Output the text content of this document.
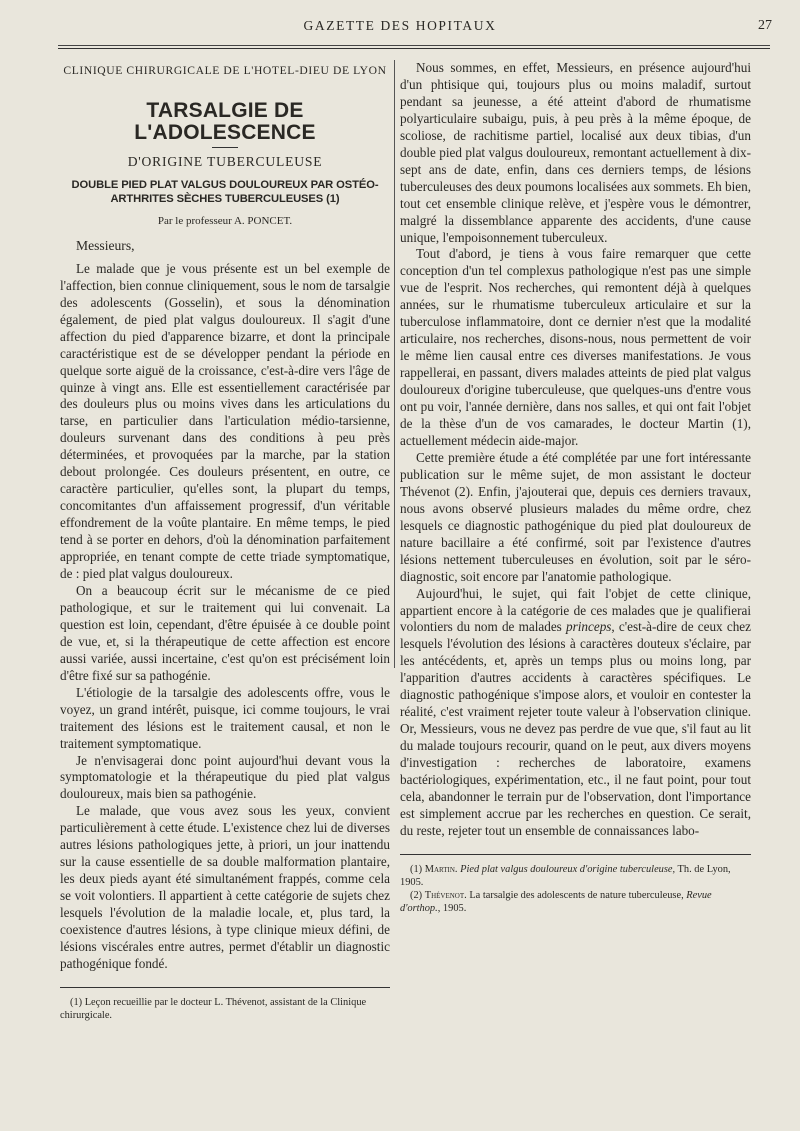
GAZETTE DES HOPITAUX	27
CLINIQUE CHIRURGICALE DE L'HOTEL-DIEU DE LYON
TARSALGIE DE L'ADOLESCENCE
D'ORIGINE TUBERCULEUSE
DOUBLE PIED PLAT VALGUS DOULOUREUX PAR OSTÉO-ARTHRITES SÈCHES TUBERCULEUSES (1)
Par le professeur A. PONCET.

Messieurs,

Le malade que je vous présente est un bel exemple de l'affection, bien connue cliniquement, sous le nom de tarsalgie des adolescents (Gosselin), et sous la dénomination également, de pied plat valgus douloureux. Il s'agit d'une affection du pied d'apparence bizarre, et dont la principale caractéristique est de se développer pendant la période en quelque sorte aiguë de la croissance, c'est-à-dire vers l'âge de quinze à vingt ans. Elle est essentiellement caractérisée par des douleurs plus ou moins vives dans les articulations du tarse, en particulier dans l'articulation médio-tarsienne, douleurs survenant dans des conditions à peu près déterminées, et provoquées par la marche, par la station debout prolongée. Ces douleurs présentent, en outre, ce caractère particulier, qu'elles sont, la plupart du temps, concomitantes d'un affaissement progressif, d'un véritable effondrement de la voûte plantaire. En même temps, le pied tend à se porter en dehors, d'où la dénomination parfaitement appropriée, en tenant compte de cette triade symptomatique, de : pied plat valgus douloureux.

On a beaucoup écrit sur le mécanisme de ce pied pathologique, et sur le traitement qui lui convenait. La question est loin, cependant, d'être épuisée à ce double point de vue, et, si la thérapeutique de cette affection est encore aussi variée, aussi incertaine, c'est qu'on est précisément loin d'être fixé sur sa pathogénie.

L'étiologie de la tarsalgie des adolescents offre, vous le voyez, un grand intérêt, puisque, ici comme toujours, le vrai traitement des lésions est le traitement causal, et non le traitement symptomatique.

Je n'envisagerai donc point aujourd'hui devant vous la symptomatologie et la thérapeutique du pied plat valgus douloureux, mais bien sa pathogénie.

Le malade, que vous avez sous les yeux, convient particulièrement à cette étude. L'existence chez lui de diverses autres lésions pathologiques jette, à priori, un jour inattendu sur la cause essentielle de sa double malformation plantaire, les deux pieds ayant été simultanément frappés, comme cela se voit volontiers. Il appartient à cette catégorie de sujets chez lesquels l'évolution de la maladie locale, et, plus tard, la coexistence d'autres lésions, à type clinique mieux défini, de lésions viscérales entre autres, permet d'établir un diagnostic pathogénique fondé.

(1) Leçon recueillie par le docteur L. Thévenot, assistant de la Clinique chirurgicale.

Nous sommes, en effet, Messieurs, en présence aujourd'hui d'un phtisique qui, toujours plus ou moins maladif, surtout pendant sa jeunesse, a été atteint d'abord de rhumatisme polyarticulaire subaigu, puis, à peu près à la même époque, de scoliose, de rachitisme partiel, localisé aux deux tibias, d'un double pied plat valgus douloureux, remontant actuellement à dix-sept ans de date, enfin, dans ces derniers temps, de lésions tuberculeuses des deux poumons localisées aux sommets. Eh bien, tout cet ensemble clinique relève, et j'espère vous le démontrer, malgré la dissemblance apparente des accidents, d'une cause unique, l'empoisonnement tuberculeux.

Tout d'abord, je tiens à vous faire remarquer que cette conception d'un tel complexus pathologique n'est pas une simple vue de l'esprit. Nos recherches, qui remontent déjà à quelques années, sur le rhumatisme tuberculeux articulaire et sur la tuberculose inflammatoire, dont ce dernier n'est que la modalité articulaire, nos recherches, disons-nous, nous permettent de voir le même lien causal entre ces diverses manifestations. Je vous rappellerai, en passant, divers malades atteints de pied plat valgus douloureux d'origine tuberculeuse, que quelques-uns d'entre vous ont pu voir, l'année dernière, dans nos salles, et qui ont fait l'objet de la thèse d'un de vos camarades, le docteur Martin (1), actuellement médecin aide-major.

Cette première étude a été complétée par une fort intéressante publication sur le même sujet, de mon assistant le docteur Thévenot (2). Enfin, j'ajouterai que, depuis ces derniers travaux, nous avons observé plusieurs malades du même ordre, chez lesquels ce diagnostic pathogénique du pied plat douloureux de nature bacillaire a été confirmé, soit par l'existence d'autres lésions nettement tuberculeuses en évolution, soit par le séro-diagnostic, soit encore par l'anatomie pathologique.

Aujourd'hui, le sujet, qui fait l'objet de cette clinique, appartient encore à la catégorie de ces malades que je qualifierai volontiers du nom de malades princeps, c'est-à-dire de ceux chez lesquels l'évolution des lésions à caractères douteux s'éclaire, par les antécédents, et, après un temps plus ou moins long, par l'apparition d'autres accidents à caractères spécifiques. Le diagnostic pathogénique s'impose alors, et vouloir en contester la réalité, c'est vraiment rejeter toute valeur à l'observation clinique. Or, Messieurs, vous ne devez pas perdre de vue que, s'il faut au lit du malade toujours recourir, quand on le peut, aux divers moyens d'investigation : recherches de laboratoire, examens bactériologiques, expérimentation, etc., il ne faut point, pour tout cela, abandonner le terrain pur de l'observation, dont l'importance est simplement accrue par les recherches en question. Ce serait, du reste, rejeter tout un ensemble de connaissances labo-

(1) Martin. Pied plat valgus douloureux d'origine tuberculeuse, Th. de Lyon, 1905.

(2) Thévenot. La tarsalgie des adolescents de nature tuberculeuse, Revue d'orthop., 1905.
